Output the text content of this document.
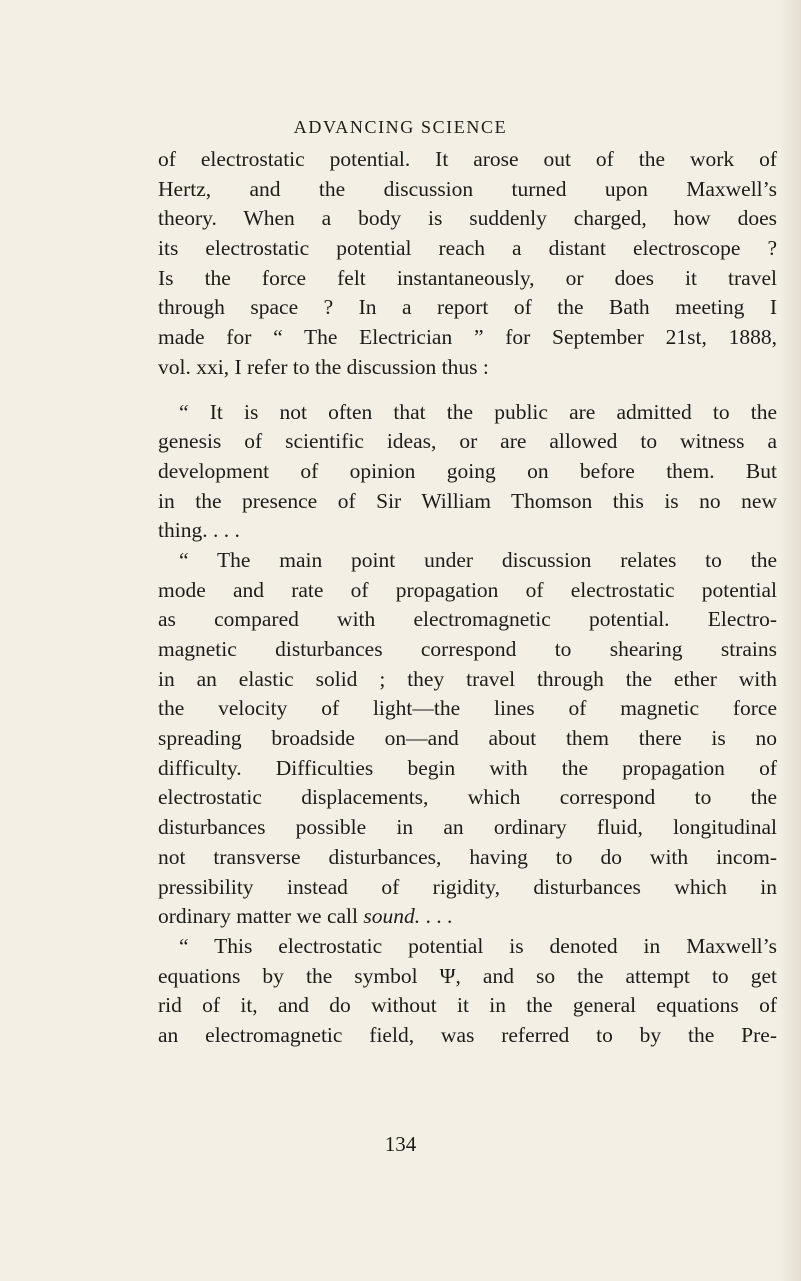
ADVANCING SCIENCE
of electrostatic potential. It arose out of the work of
Hertz, and the discussion turned upon Maxwell’s
theory. When a body is suddenly charged, how does
its electrostatic potential reach a distant electroscope ?
Is the force felt instantaneously, or does it travel
through space ? In a report of the Bath meeting I
made for “ The Electrician ” for September 21st, 1888,
vol. xxi, I refer to the discussion thus :
“ It is not often that the public are admitted to the
genesis of scientific ideas, or are allowed to witness a
development of opinion going on before them. But
in the presence of Sir William Thomson this is no new
thing. . . .
“ The main point under discussion relates to the
mode and rate of propagation of electrostatic potential
as compared with electromagnetic potential. Electro-
magnetic disturbances correspond to shearing strains
in an elastic solid ; they travel through the ether with
the velocity of light—the lines of magnetic force
spreading broadside on—and about them there is no
difficulty. Difficulties begin with the propagation of
electrostatic displacements, which correspond to the
disturbances possible in an ordinary fluid, longitudinal
not transverse disturbances, having to do with incom-
pressibility instead of rigidity, disturbances which in
ordinary matter we call sound. . . .
“ This electrostatic potential is denoted in Maxwell’s
equations by the symbol Ψ, and so the attempt to get
rid of it, and do without it in the general equations of
an electromagnetic field, was referred to by the Pre-
134
